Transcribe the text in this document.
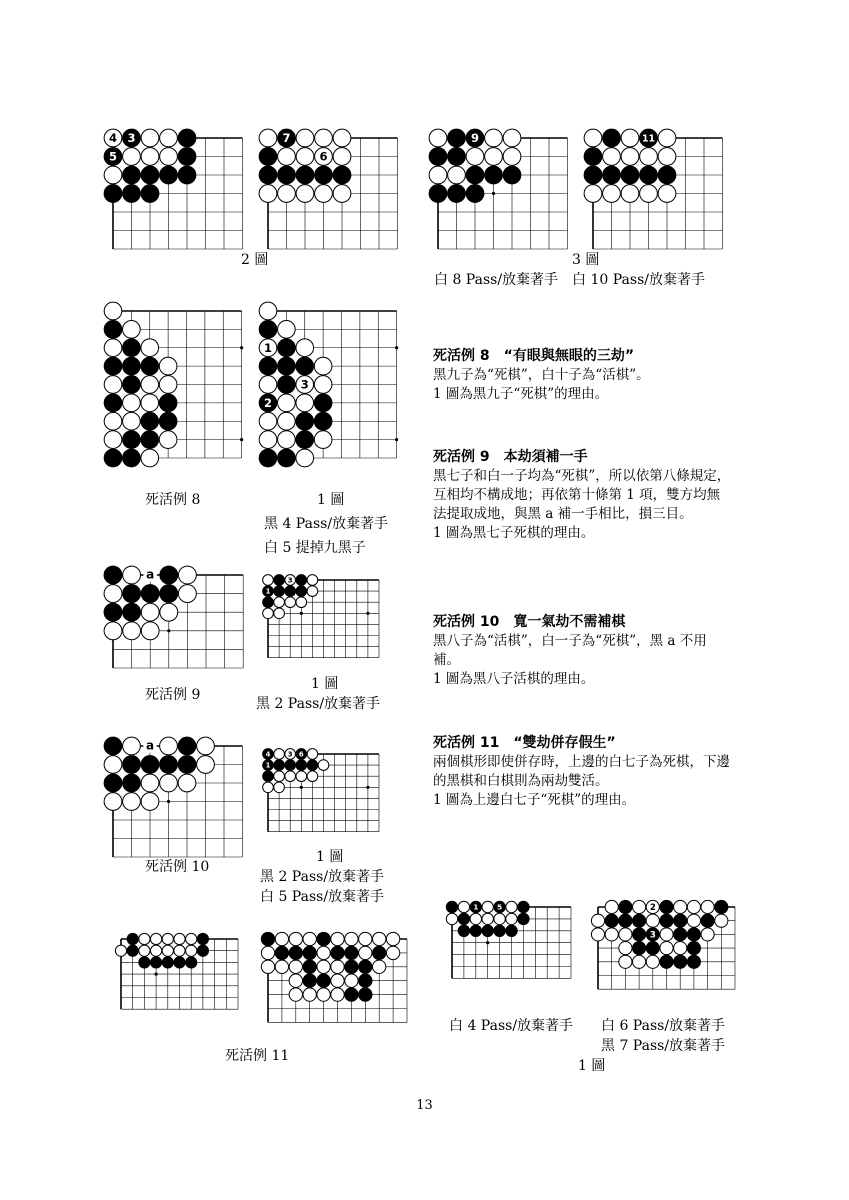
4 3
5
7
6
9	11
1
3
2
a	3
1
a
4	3 6
1
1	5	2
3
2 圖	3 圖
白 8 Pass/放棄著手　白 10 Pass/放棄著手
死活例 8	1 圖
黑 4 Pass/放棄著手
白 5 提掉九黑子
死活例 9
1 圖
黑 2 Pass/放棄著手
死活例 10
1 圖
黑 2 Pass/放棄著手
白 5 Pass/放棄著手
死活例 11
白 4 Pass/放棄著手 白 6 Pass/放棄著手
黑 7 Pass/放棄著手
1 圖
死活例 8　“有眼與無眼的三劫”
黑九子為“死棋”，白十子為“活棋”。
1 圖為黑九子“死棋”的理由。
死活例 9　本劫須補一手
黑七子和白一子均為“死棋”，所以依第八條規定，互相均不構成地；再依第十條第 1 項，雙方均無法提取成地，與黑 a 補一手相比，損三目。
1 圖為黑七子死棋的理由。
死活例 10　寬一氣劫不需補棋
黑八子為“活棋”，白一子為“死棋”，黑 a 不用補。
1 圖為黑八子活棋的理由。
死活例 11　“雙劫併存假生”
兩個棋形即使併存時，上邊的白七子為死棋，下邊的黑棋和白棋則為兩劫雙活。
1 圖為上邊白七子“死棋”的理由。
13
